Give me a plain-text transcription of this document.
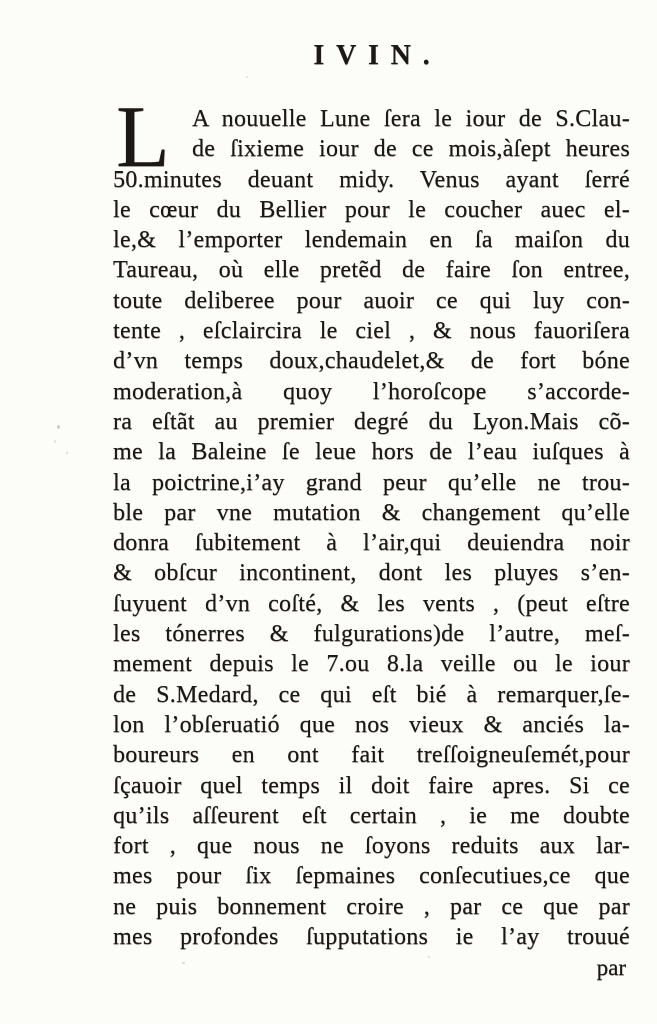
IVIN.
L A nouuelle Lune ſera le iour de S.Clau-
de ſixieme iour de ce mois,àſept heures
50.minutes deuant midy. Venus ayant ſerré
le cœur du Bellier pour le coucher auec el-
le,& l’emporter lendemain en ſa maiſon du
Taureau, où elle pretẽd de faire ſon entree,
toute deliberee pour auoir ce qui luy con-
tente , eſclaircira le ciel , & nous fauoriſera
d’vn temps doux,chaudelet,& de fort bóne
moderation,à quoy l’horoſcope s’accorde-
ra eſtãt au premier degré du Lyon.Mais cõ-
me la Baleine ſe leue hors de l’eau iuſques à
la poictrine,i’ay grand peur qu’elle ne trou-
ble par vne mutation & changement qu’elle
donra ſubitement à l’air,qui deuiendra noir
& obſcur incontinent, dont les pluyes s’en-
ſuyuent d’vn coſté, & les vents , (peut eſtre
les tónerres & fulgurations)de l’autre, meſ-
mement depuis le 7.ou 8.la veille ou le iour
de S.Medard, ce qui eſt bié à remarquer,ſe-
lon l’obſeruatió que nos vieux & anciés la-
boureurs en ont fait treſſoigneuſemét,pour
ſçauoir quel temps il doit faire apres. Si ce
qu’ils aſſeurent eſt certain , ie me doubte
fort , que nous ne ſoyons reduits aux lar-
mes pour ſix ſepmaines conſecutiues,ce que
ne puis bonnement croire , par ce que par
mes profondes ſupputations ie l’ay trouué
par
